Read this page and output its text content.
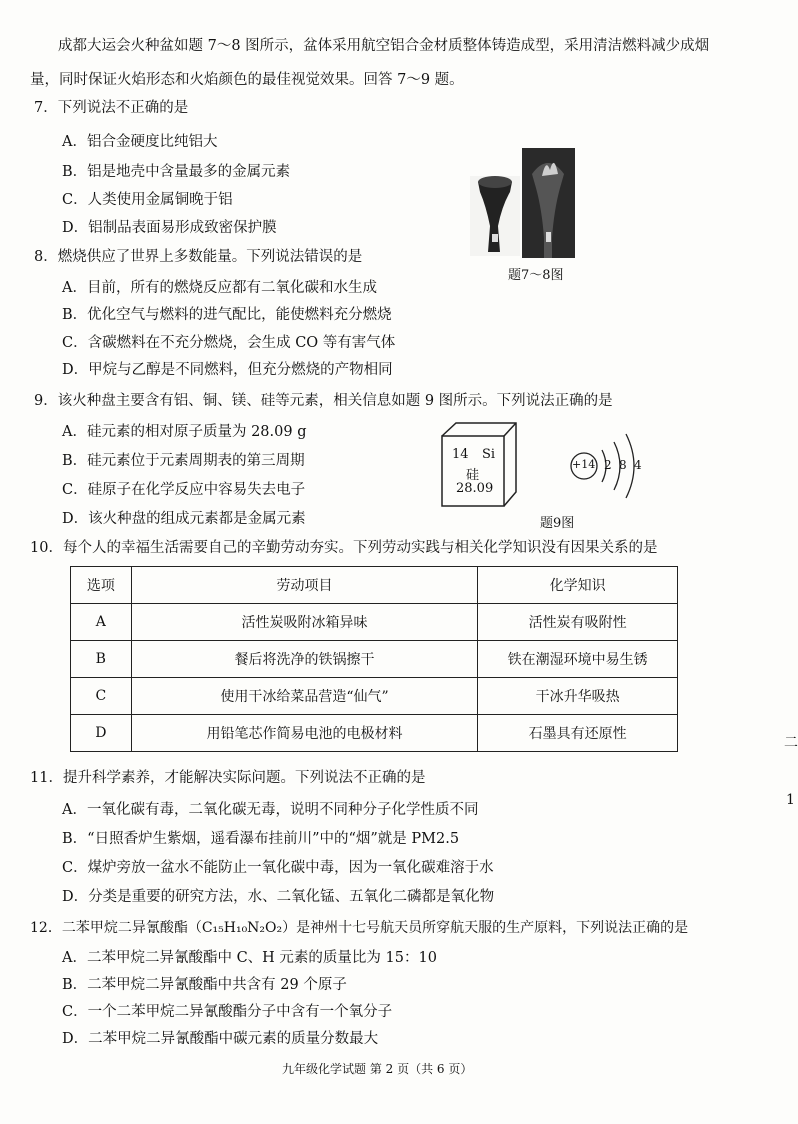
成都大运会火种盆如题 7～8 图所示，盆体采用航空铝合金材质整体铸造成型，采用清洁燃料减少成烟
量，同时保证火焰形态和火焰颜色的最佳视觉效果。回答 7～9 题。
7．下列说法不正确的是
A．铝合金硬度比纯铝大
B．铝是地壳中含量最多的金属元素
C．人类使用金属铜晚于铝
D．铝制品表面易形成致密保护膜
题7～8图
8．燃烧供应了世界上多数能量。下列说法错误的是
A．目前，所有的燃烧反应都有二氧化碳和水生成
B．优化空气与燃料的进气配比，能使燃料充分燃烧
C．含碳燃料在不充分燃烧，会生成 CO 等有害气体
D．甲烷与乙醇是不同燃料，但充分燃烧的产物相同
9．该火种盘主要含有铝、铜、镁、硅等元素，相关信息如题 9 图所示。下列说法正确的是
A．硅元素的相对原子质量为 28.09 g
B．硅元素位于元素周期表的第三周期
C．硅原子在化学反应中容易失去电子
D．该火种盘的组成元素都是金属元素
14 Si
硅
28.09
+14 2 8 4
题9图
10．每个人的幸福生活需要自己的辛勤劳动夯实。下列劳动实践与相关化学知识没有因果关系的是
选项	劳动项目	化学知识
A	活性炭吸附冰箱异味	活性炭有吸附性
B	餐后将洗净的铁锅擦干	铁在潮湿环境中易生锈
C	使用干冰给菜品营造“仙气”	干冰升华吸热
D	用铅笔芯作简易电池的电极材料	石墨具有还原性
11．提升科学素养，才能解决实际问题。下列说法不正确的是
A．一氧化碳有毒，二氧化碳无毒，说明不同种分子化学性质不同
B．“日照香炉生紫烟，遥看瀑布挂前川”中的“烟”就是 PM2.5
C．煤炉旁放一盆水不能防止一氧化碳中毒，因为一氧化碳难溶于水
D．分类是重要的研究方法，水、二氧化锰、五氧化二磷都是氧化物
12．二苯甲烷二异氰酸酯（C₁₅H₁₀N₂O₂）是神州十七号航天员所穿航天服的生产原料，下列说法正确的是
A．二苯甲烷二异氰酸酯中 C、H 元素的质量比为 15：10
B．二苯甲烷二异氰酸酯中共含有 29 个原子
C．一个二苯甲烷二异氰酸酯分子中含有一个氧分子
D．二苯甲烷二异氰酸酯中碳元素的质量分数最大
九年级化学试题 第 2 页（共 6 页）
二
1
